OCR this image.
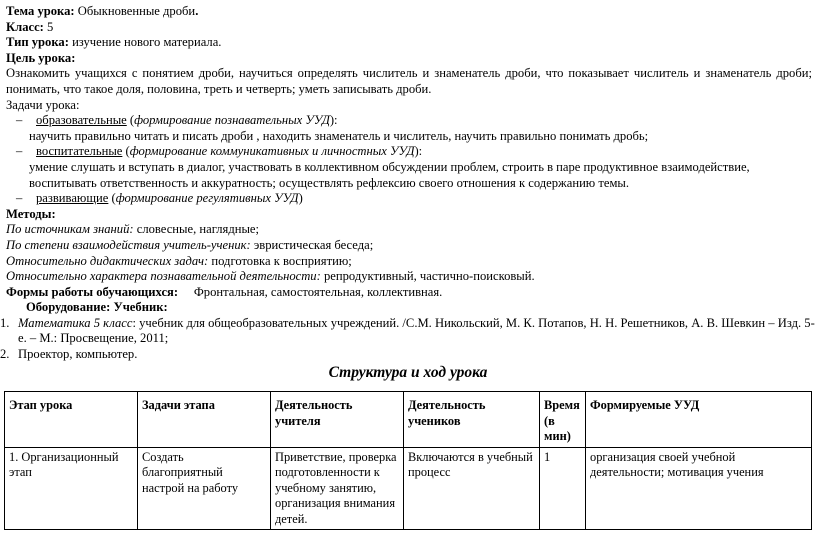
Тема урока: Обыкновенные дроби.
Класс: 5
Тип урока: изучение нового материала.
Цель урока:
Ознакомить учащихся с понятием дроби, научиться определять числитель и знаменатель дроби, что показывает числитель и знаменатель дроби;
понимать, что такое доля, половина, треть и четверть; уметь записывать дроби.
Задачи урока:
– образовательные (формирование познавательных УУД):
научить правильно читать и писать дроби , находить знаменатель и числитель, научить правильно понимать дробь;
– воспитательные (формирование коммуникативных и личностных УУД):
умение слушать и вступать в диалог, участвовать в коллективном обсуждении проблем, строить в паре продуктивное взаимодействие,
воспитывать ответственность и аккуратность; осуществлять рефлексию своего отношения к содержанию темы.
– развивающие (формирование регулятивных УУД)
Методы:
По источникам знаний: словесные, наглядные;
По степени взаимодействия учитель-ученик: эвристическая беседа;
Относительно дидактических задач: подготовка к восприятию;
Относительно характера познавательной деятельности: репродуктивный, частично-поисковый.
Формы работы обучающихся: Фронтальная, самостоятельная, коллективная.
Оборудование: Учебник:
1. Математика 5 класс: учебник для общеобразовательных учреждений. /С.М. Никольский, М. К. Потапов, Н. Н. Решетников, А. В. Шевкин – Изд. 5-
е. – М.: Просвещение, 2011;
2. Проектор, компьютер.
Структура и ход урока
Этап урока	Задачи этапа	Деятельность учителя	Деятельность учеников	Время (в мин)	Формируемые УУД
1. Организационный этап	Создать благоприятный настрой на работу	Приветствие, проверка подготовленности к учебному занятию, организация внимания детей.	Включаются в учебный процесс	1	организация своей учебной деятельности; мотивация учения
